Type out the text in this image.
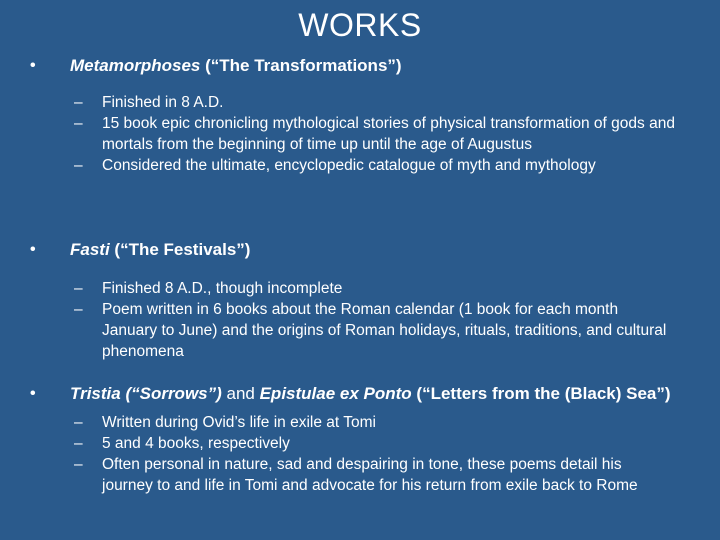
WORKS
• Metamorphoses (“The Transformations”)
– Finished in 8 A.D.
– 15 book epic chronicling mythological stories of physical transformation of gods and mortals from the beginning of time up until the age of Augustus
– Considered the ultimate, encyclopedic catalogue of myth and mythology
• Fasti (“The Festivals”)
– Finished 8 A.D., though incomplete
– Poem written in 6 books about the Roman calendar (1 book for each month January to June) and the origins of Roman holidays, rituals, traditions, and cultural phenomena
• Tristia (“Sorrows”) and Epistulae ex Ponto (“Letters from the (Black) Sea”)
– Written during Ovid’s life in exile at Tomi
– 5 and 4 books, respectively
– Often personal in nature, sad and despairing in tone, these poems detail his journey to and life in Tomi and advocate for his return from exile back to Rome
